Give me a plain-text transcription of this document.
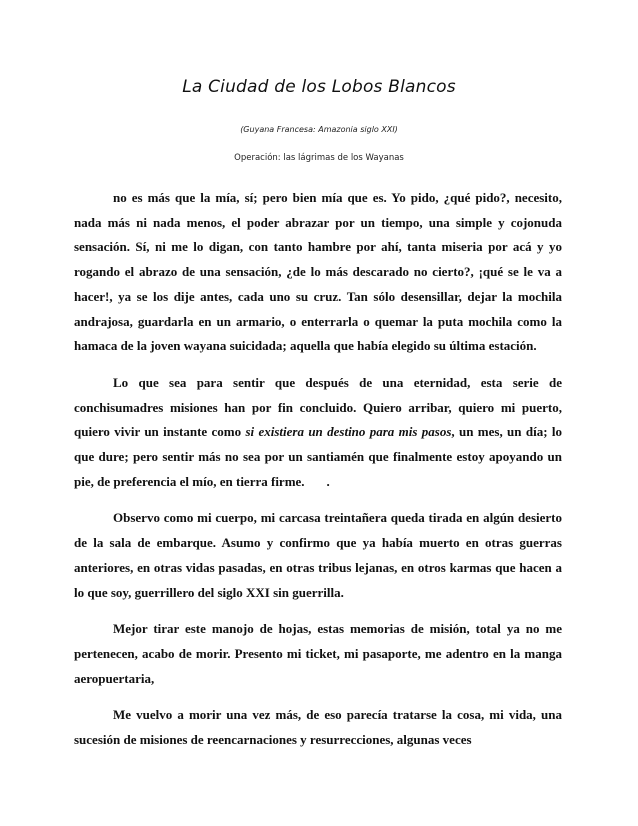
La Ciudad de los Lobos Blancos

(Guyana Francesa: Amazonia siglo XXI)

Operación: las lágrimas de los Wayanas

no es más que la mía, sí; pero bien mía que es. Yo pido, ¿qué pido?, necesito, nada más ni nada menos, el poder abrazar por un tiempo, una simple y cojonuda sensación. Sí, ni me lo digan, con tanto hambre por ahí, tanta miseria por acá y yo rogando el abrazo de una sensación, ¿de lo más descarado no cierto?, ¡qué se le va a hacer!, ya se los dije antes, cada uno su cruz. Tan sólo desensillar, dejar la mochila andrajosa, guardarla en un armario, o enterrarla o quemar la puta mochila como la hamaca de la joven wayana suicidada; aquella que había elegido su última estación.

Lo que sea para sentir que después de una eternidad, esta serie de conchisumadres misiones han por fin concluido. Quiero arribar, quiero mi puerto, quiero vivir un instante como si existiera un destino para mis pasos, un mes, un día; lo que dure; pero sentir más no sea por un santiamén que finalmente estoy apoyando un pie, de preferencia el mío, en tierra firme. .

Observo como mi cuerpo, mi carcasa treintañera queda tirada en algún desierto de la sala de embarque. Asumo y confirmo que ya había muerto en otras guerras anteriores, en otras vidas pasadas, en otras tribus lejanas, en otros karmas que hacen a lo que soy, guerrillero del siglo XXI sin guerrilla.

Mejor tirar este manojo de hojas, estas memorias de misión, total ya no me pertenecen, acabo de morir. Presento mi ticket, mi pasaporte, me adentro en la manga aeropuertaria,

Me vuelvo a morir una vez más, de eso parecía tratarse la cosa, mi vida, una sucesión de misiones de reencarnaciones y resurrecciones, algunas veces
